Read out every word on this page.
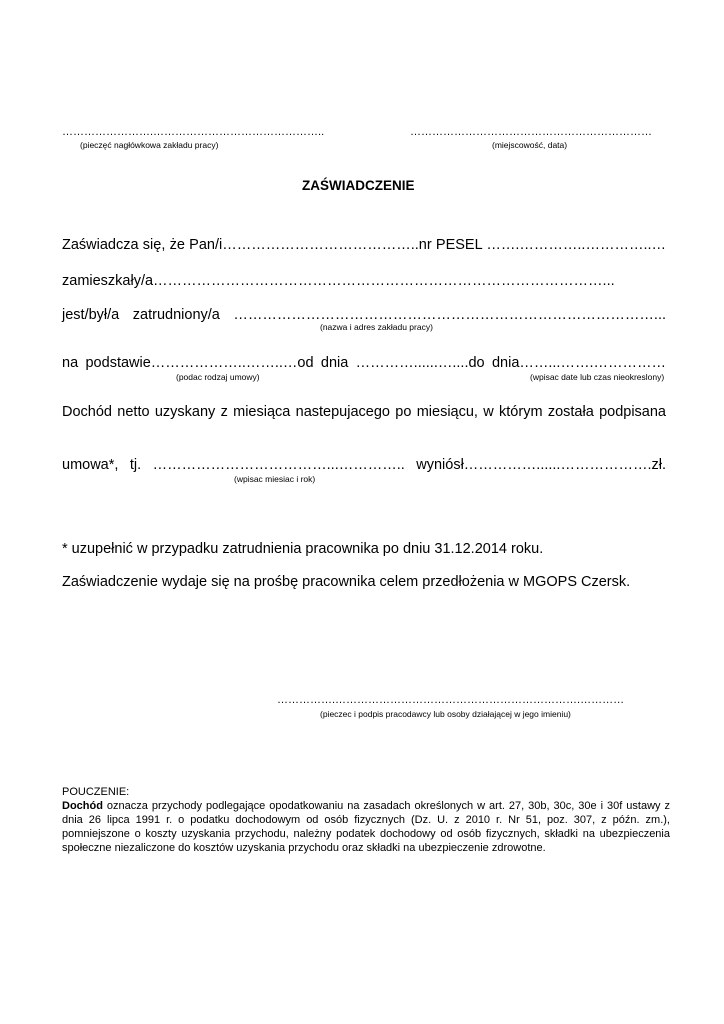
…………………….………………………………………..
(pieczęć nagłówkowa zakładu pracy)
…………………………………………………………
(miejscowość, data)
ZAŚWIADCZENIE
Zaświadcza się, że Pan/i…………………………………..nr PESEL …….…………..…………..…
zamieszkały/a…………………………………………………………………………………...
jest/był/a zatrudniony/a ……………………………………………………………………………...
(nazwa i adres zakładu pracy)
na podstawie………………..……..…od dnia …………......…....do dnia……...…….……………
(podac rodzaj umowy)	(wpisac date lub czas nieokreslony)
Dochód netto uzyskany z miesiąca nastepujacego po miesiącu, w którym została podpisana
umowa*, tj. ………………………………...………….. wyniósł……………......……………….zł.
(wpisac miesiac i rok)
* uzupełnić w przypadku zatrudnienia pracownika po dniu 31.12.2014 roku.
Zaświadczenie wydaje się na prośbę pracownika celem przedłożenia w MGOPS Czersk.
…………….………………………………………………………….…………
(pieczec i podpis pracodawcy lub osoby działającej w jego imieniu)
POUCZENIE:
Dochód oznacza przychody podlegające opodatkowaniu na zasadach określonych w art. 27, 30b, 30c, 30e i 30f ustawy z dnia 26 lipca 1991 r. o podatku dochodowym od osób fizycznych (Dz. U. z 2010 r. Nr 51, poz. 307, z późn. zm.), pomniejszone o koszty uzyskania przychodu, należny podatek dochodowy od osób fizycznych, składki na ubezpieczenia społeczne niezaliczone do kosztów uzyskania przychodu oraz składki na ubezpieczenie zdrowotne.
